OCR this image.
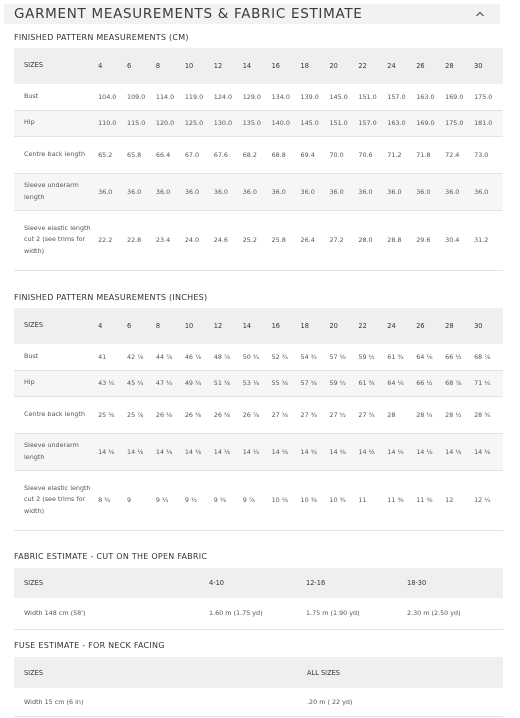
GARMENT MEASUREMENTS & FABRIC ESTIMATE
FINISHED PATTERN MEASUREMENTS (CM)
SIZES	4	6	8	10	12	14	16	18	20	22	24	26	28	30
Bust	104.0	109.0	114.0	119.0	124.0	129.0	134.0	139.0	145.0	151.0	157.0	163.0	169.0	175.0
Hip	110.0	115.0	120.0	125.0	130.0	135.0	140.0	145.0	151.0	157.0	163.0	169.0	175.0	181.0
Centre back length	65.2	65.8	66.4	67.0	67.6	68.2	68.8	69.4	70.0	70.6	71.2	71.8	72.4	73.0
Sleeve underarm length	36.0	36.0	36.0	36.0	36.0	36.0	36.0	36.0	36.0	36.0	36.0	36.0	36.0	36.0
Sleeve elastic length cut 2 (see trims for width)	22.2	22.8	23.4	24.0	24.6	25.2	25.8	26.4	27.2	28.0	28.8	29.6	30.4	31.2
FINISHED PATTERN MEASUREMENTS (INCHES)
SIZES	4	6	8	10	12	14	16	18	20	22	24	26	28	30
Bust	41	42 ⁷⁄₈	44 ⁷⁄₈	46 ⁷⁄₈	48 ⁷⁄₈	50 ³⁄₄	52 ³⁄₄	54 ³⁄₄	57 ¹⁄₈	59 ¹⁄₂	61 ³⁄₄	64 ¹⁄₈	66 ¹⁄₂	68 ⁷⁄₈
Hip	43 ¹⁄₄	45 ¹⁄₄	47 ¹⁄₄	49 ¹⁄₄	51 ¹⁄₈	53 ¹⁄₈	55 ¹⁄₈	57 ¹⁄₈	59 ¹⁄₂	61 ³⁄₄	64 ¹⁄₈	66 ¹⁄₂	68 ⁷⁄₈	71 ¹⁄₄
Centre back length	25 ⁵⁄₈	25 ⁷⁄₈	26 ¹⁄₈	26 ³⁄₈	26 ⁵⁄₈	26 ⁷⁄₈	27 ¹⁄₈	27 ³⁄₈	27 ¹⁄₂	27 ³⁄₄	28	28 ¹⁄₄	28 ¹⁄₂	28 ³⁄₄
Sleeve underarm length	14 ¹⁄₈	14 ¹⁄₈	14 ¹⁄₈	14 ¹⁄₈	14 ¹⁄₈	14 ¹⁄₈	14 ¹⁄₈	14 ¹⁄₈	14 ¹⁄₈	14 ¹⁄₈	14 ¹⁄₈	14 ¹⁄₈	14 ¹⁄₈	14 ¹⁄₈
Sleeve elastic length cut 2 (see trims for width)	8 ³⁄₄	9	9 ¹⁄₄	9 ¹⁄₂	9 ⁵⁄₈	9 ⁷⁄₈	10 ¹⁄₈	10 ³⁄₈	10 ³⁄₄	11	11 ³⁄₈	11 ⁵⁄₈	12	12 ¹⁄₄
FABRIC ESTIMATE - CUT ON THE OPEN FABRIC
SIZES	4-10	12-16	18-30
Width 148 cm (58')	1.60 m (1.75 yd)	1.75 m (1.90 yd)	2.30 m (2.50 yd)
FUSE ESTIMATE - FOR NECK FACING
SIZES	ALL SIZES
Width 15 cm (6 in)	.20 m ( 22 yd)
